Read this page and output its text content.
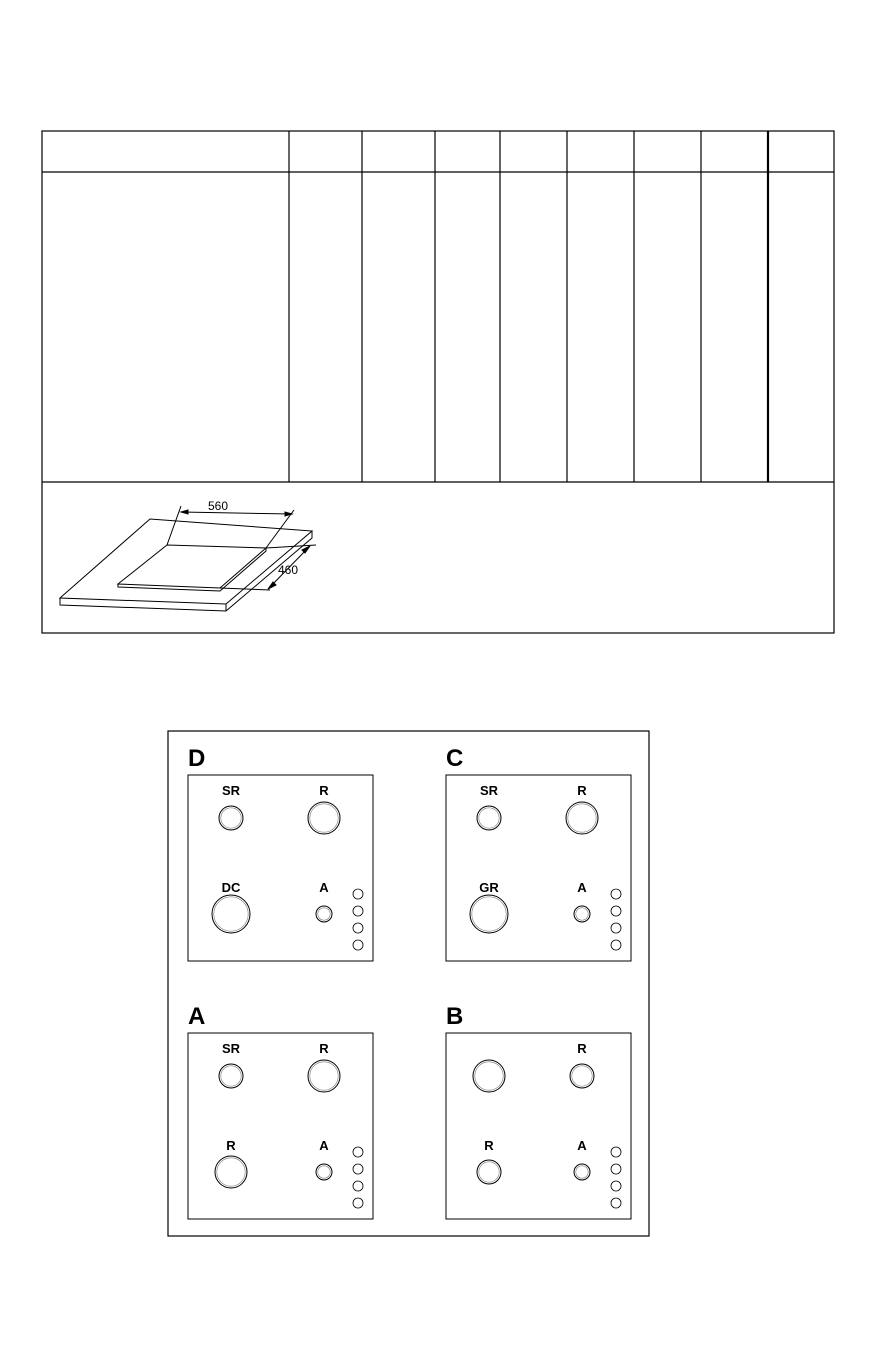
560
460
D
SR	R
DC	A
C
SR	R
GR	A
A
SR	R
R	A
B
R
R	A
